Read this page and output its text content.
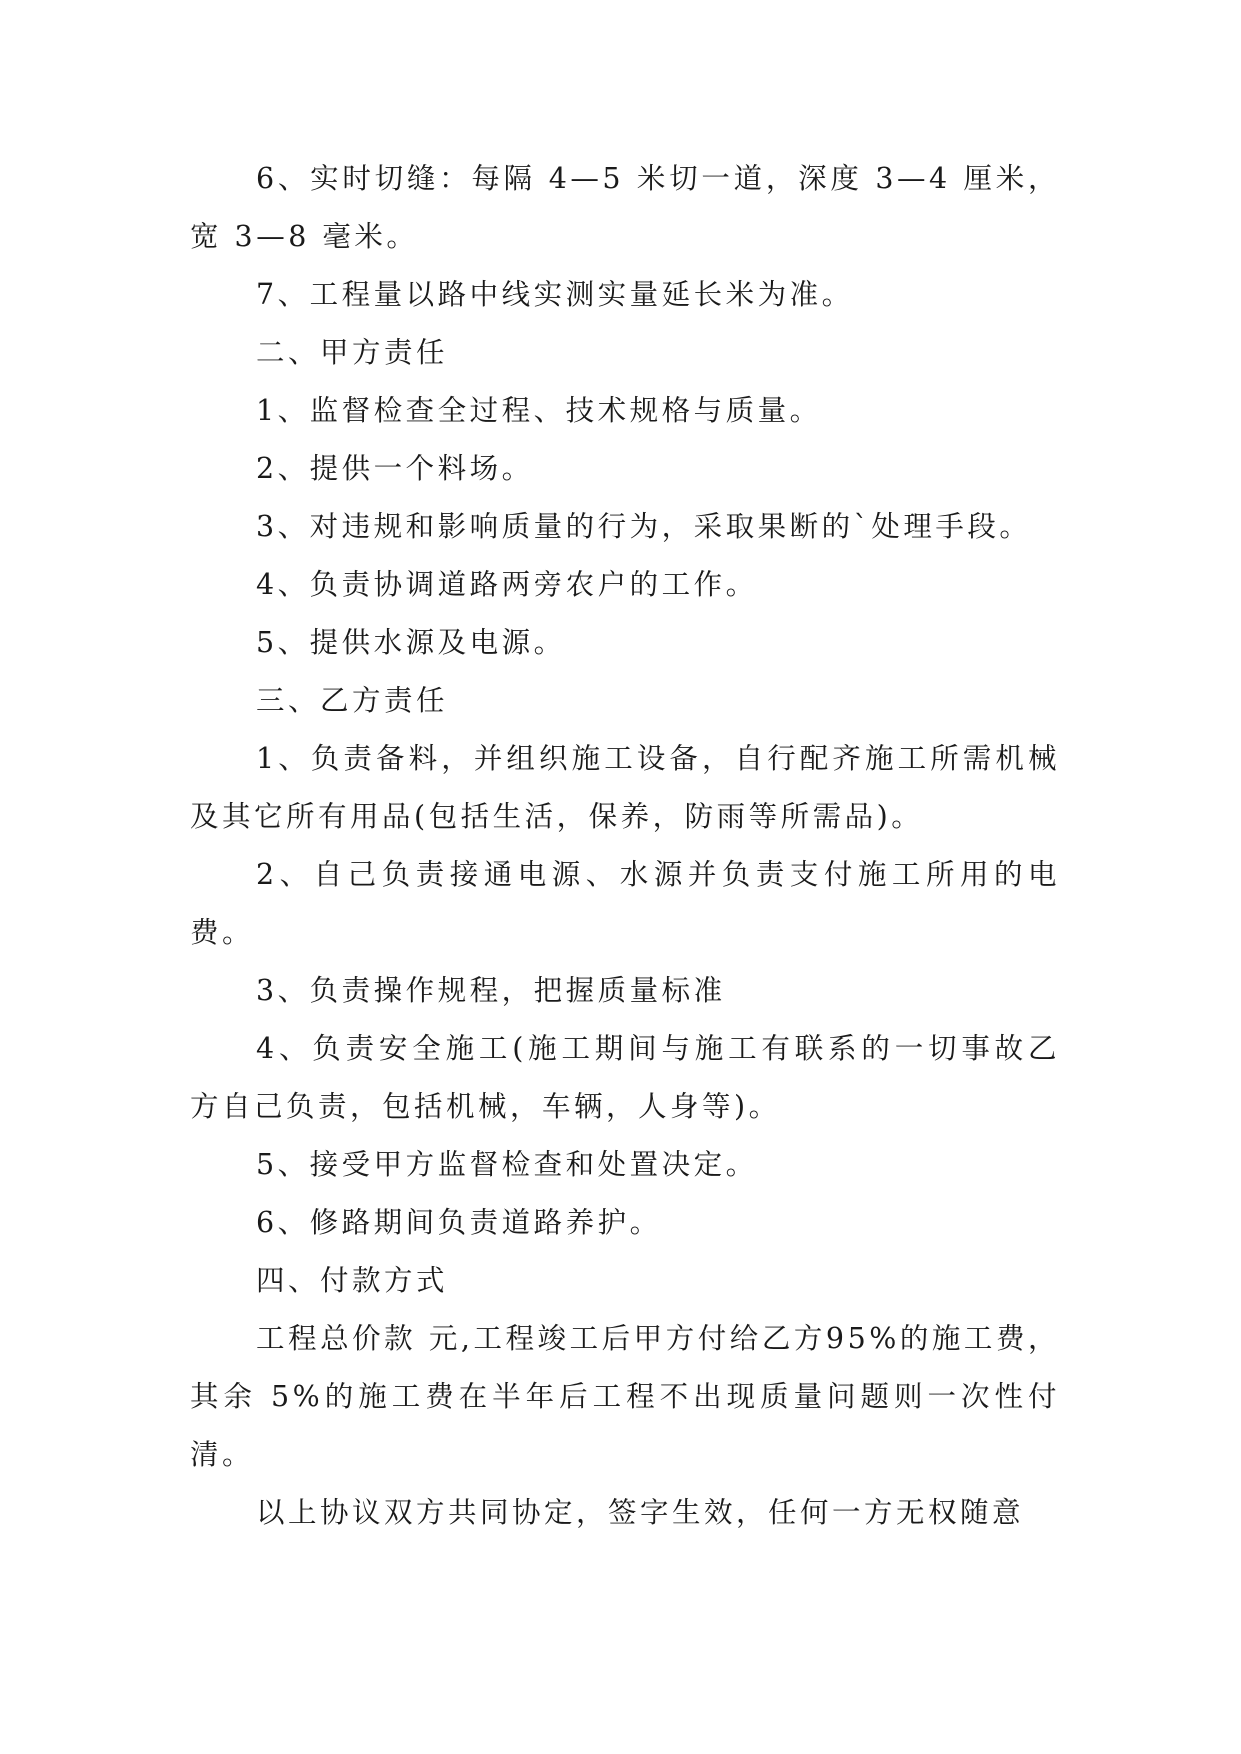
6、实时切缝：每隔 4—5 米切一道，深度 3—4 厘米，宽 3—8 毫米。

7、工程量以路中线实测实量延长米为准。

二、甲方责任

1、监督检查全过程、技术规格与质量。

2、提供一个料场。

3、对违规和影响质量的行为，采取果断的`处理手段。

4、负责协调道路两旁农户的工作。

5、提供水源及电源。

三、乙方责任

1、负责备料，并组织施工设备，自行配齐施工所需机械及其它所有用品(包括生活，保养，防雨等所需品)。

2、自己负责接通电源、水源并负责支付施工所用的电费。

3、负责操作规程，把握质量标准

4、负责安全施工(施工期间与施工有联系的一切事故乙方自己负责，包括机械，车辆，人身等)。

5、接受甲方监督检查和处置决定。

6、修路期间负责道路养护。

四、付款方式

工程总价款 元,工程竣工后甲方付给乙方95%的施工费，其余 5%的施工费在半年后工程不出现质量问题则一次性付清。

以上协议双方共同协定，签字生效，任何一方无权随意
